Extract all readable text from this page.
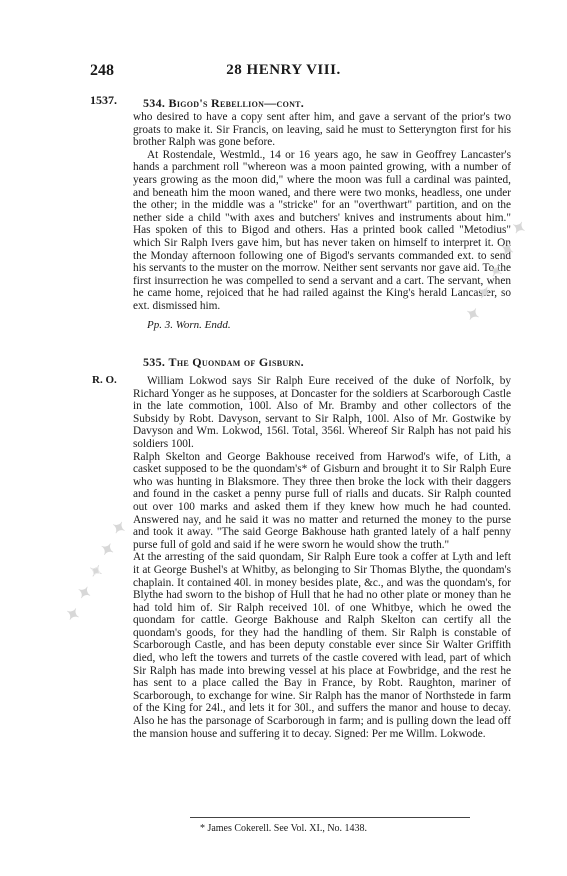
248	28 HENRY VIII.
1537.
R. O.
534. Bigod's Rebellion—cont.

who desired to have a copy sent after him, and gave a servant of the prior's two groats to make it. Sir Francis, on leaving, said he must to Setteryngton first for his brother Ralph was gone before.

At Rostendale, Westmld., 14 or 16 years ago, he saw in Geoffrey Lancaster's hands a parchment roll "whereon was a moon painted growing, with a number of years growing as the moon did," where the moon was full a cardinal was painted, and beneath him the moon waned, and there were two monks, headless, one under the other; in the middle was a "stricke" for an "overthwart" partition, and on the nether side a child "with axes and butchers' knives and instruments about him." Has spoken of this to Bigod and others. Has a printed book called "Metodius" which Sir Ralph Ivers gave him, but has never taken on himself to interpret it. On the Monday afternoon following one of Bigod's servants commanded ext. to send his servants to the muster on the morrow. Neither sent servants nor gave aid. To the first insurrection he was compelled to send a servant and a cart. The servant, when he came home, rejoiced that he had railed against the King's herald Lancaster, so ext. dismissed him.

Pp. 3. Worn. Endd.
535. The Quondam of Gisburn.

William Lokwod says Sir Ralph Eure received of the duke of Norfolk, by Richard Yonger as he supposes, at Doncaster for the soldiers at Scarborough Castle in the late commotion, 100l. Also of Mr. Bramby and other collectors of the Subsidy by Robt. Davyson, servant to Sir Ralph, 100l. Also of Mr. Gostwike by Davyson and Wm. Lokwod, 156l. Total, 356l. Whereof Sir Ralph has not paid his soldiers 100l.

Ralph Skelton and George Bakhouse received from Harwod's wife, of Lith, a casket supposed to be the quondam's* of Gisburn and brought it to Sir Ralph Eure who was hunting in Blaksmore. They three then broke the lock with their daggers and found in the casket a penny purse full of rialls and ducats. Sir Ralph counted out over 100 marks and asked them if they knew how much he had counted. Answered nay, and he said it was no matter and returned the money to the purse and took it away. "The said George Bakhouse hath granted lately of a half penny purse full of gold and said if he were sworn he would show the truth."

At the arresting of the said quondam, Sir Ralph Eure took a coffer at Lyth and left it at George Bushel's at Whitby, as belonging to Sir Thomas Blythe, the quondam's chaplain. It contained 40l. in money besides plate, &c., and was the quondam's, for Blythe had sworn to the bishop of Hull that he had no other plate or money than he had told him of. Sir Ralph received 10l. of one Whitbye, which he owed the quondam for cattle. George Bakhouse and Ralph Skelton can certify all the quondam's goods, for they had the handling of them. Sir Ralph is constable of Scarborough Castle, and has been deputy constable ever since Sir Walter Griffith died, who left the towers and turrets of the castle covered with lead, part of which Sir Ralph has made into brewing vessel at his place at Fowbridge, and the rest he has sent to a place called the Bay in France, by Robt. Raughton, mariner of Scarborough, to exchange for wine. Sir Ralph has the manor of Northstede in farm of the King for 24l., and lets it for 30l., and suffers the manor and house to decay. Also he has the parsonage of Scarborough in farm; and is pulling down the lead off the mansion house and suffering it to decay. Signed: Per me Willm. Lokwode.

* James Cokerell. See Vol. XI., No. 1438.
✦ ✦ ✦ ✦ ✦
✦ ✦ ✦ ✦ ✦
